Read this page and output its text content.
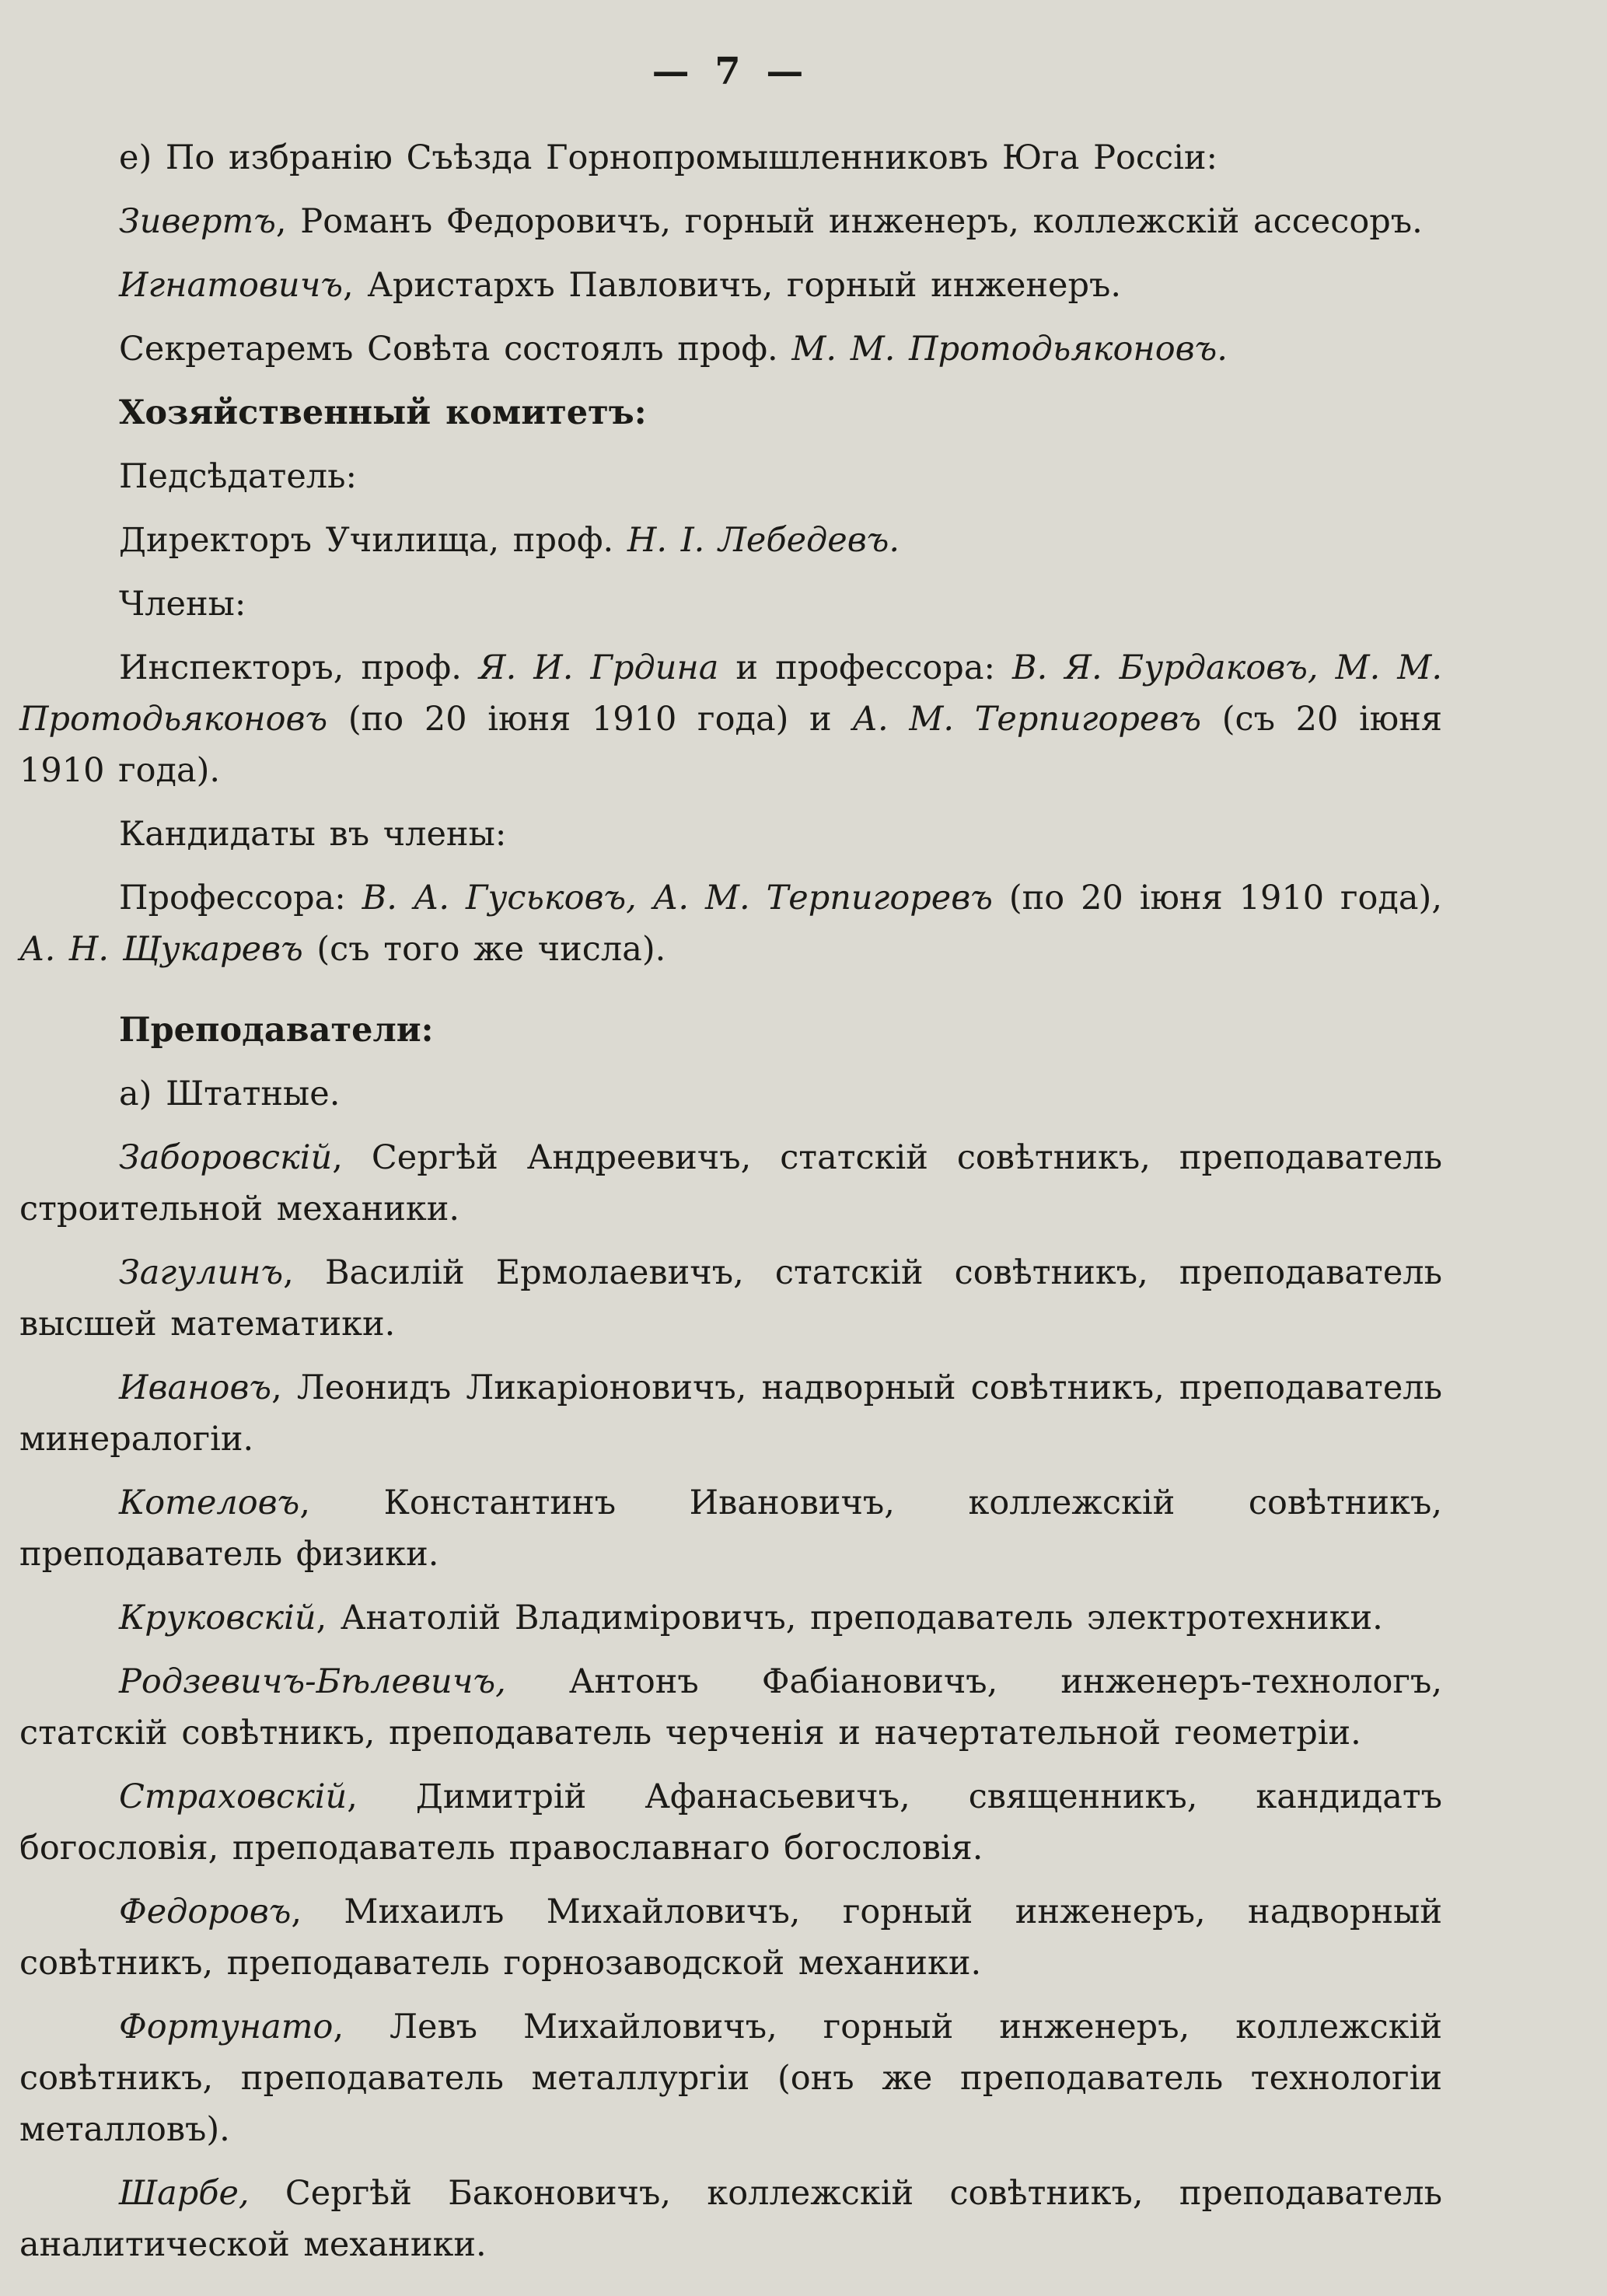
— 7 —

e) По избранію Съѣзда Горнопромышленниковъ Юга Россіи:

Зивертъ, Романъ Федоровичъ, горный инженеръ, коллежскій асcесоръ.

Игнатовичъ, Аристархъ Павловичъ, горный инженеръ.

Секретаремъ Совѣта состоялъ проф. М. М. Протодьяконовъ.

Хозяйственный комитетъ:

Педсѣдатель:

Директоръ Училища, проф. Н. І. Лебедевъ.

Члены:

Инспекторъ, проф. Я. И. Грдина и профессора: В. Я. Бурдаковъ, М. М. Протодьяконовъ (по 20 іюня 1910 года) и А. М. Терпигоревъ (съ 20 іюня 1910 года).

Кандидаты въ члены:

Профессора: В. А. Гуськовъ, А. М. Терпигоревъ (по 20 іюня 1910 года), А. Н. Щукаревъ (съ того же числа).

Преподаватели:

а) Штатные.

Заборовскій, Сергѣй Андреевичъ, статскій совѣтникъ, преподаватель строительной механики.

Загулинъ, Василій Ермолаевичъ, статскій совѣтникъ, преподаватель высшей математики.

Ивановъ, Леонидъ Ликаріоновичъ, надворный совѣтникъ, преподаватель минералогіи.

Котеловъ, Константинъ Ивановичъ, коллежскій совѣтникъ, преподаватель физики.

Круковскій, Анатолій Владиміровичъ, преподаватель электротехники.

Родзевичъ-Бѣлевичъ, Антонъ Фабіановичъ, инженеръ-технологъ, статскій совѣтникъ, преподаватель черченія и начертательной геометріи.

Страховскій, Димитрій Афанасьевичъ, священникъ, кандидатъ богословія, преподаватель православнаго богословія.

Федоровъ, Михаилъ Михайловичъ, горный инженеръ, надворный совѣтникъ, преподаватель горнозаводской механики.

Фортунато, Левъ Михайловичъ, горный инженеръ, коллежскій совѣтникъ, преподаватель металлургіи (онъ же преподаватель технологіи металловъ).

Шарбе, Сергѣй Баконовичъ, коллежскій совѣтникъ, преподаватель аналитической механики.
